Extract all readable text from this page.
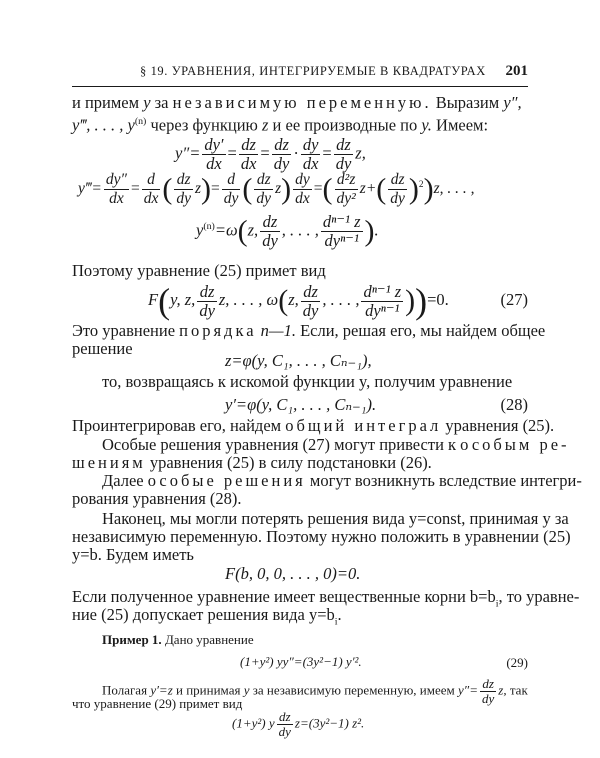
§ 19. УРАВНЕНИЯ, ИНТЕГРИРУЕМЫЕ В КВАДРАТУРАХ 201
и примем y за независимую переменную. Выразим y″,
y‴, . . . , $y^{(n)}$ через функцию z и ее производные по y. Имеем:
$y''= \frac{dy'}{dx} = \frac{dz}{dx} = \frac{dz}{dy} \cdot \frac{dy}{dx} = \frac{dz}{dy} z$,
y‴= $\frac{dy''}{dx} = \frac{d}{dx}$ ( $\frac{dz}{dy} z)= \frac{d}{dy}$ ( $\frac{dz}{dy} z) \frac{dy}{dx}$ =( $\frac{\text{d²z}}{\text{dy²}} z+( \frac{dz}{dy} )^2)z$, . . . ,
$y^{(n)}=\omega(z$, $\frac{dz}{dy}$ , . . . , $\frac{\text{dⁿ⁻¹ z}}{\text{dyⁿ⁻¹}}$ ).
Поэтому уравнение (25) примет вид
F(y, z, $\frac{dz}{dy} z$, . . . , ω(z, $\frac{dz}{dy}$ , . . . , $\frac{\text{dⁿ⁻¹ z}}{\text{dyⁿ⁻¹}} ))=0$.	(27)
Это уравнение порядка n—1. Если, решая его, мы найдем общее
решение
z=φ(y, C₁, . . . , Cₙ₋₁),
то, возвращаясь к искомой функции y, получим уравнение
y′=φ(y, C₁, . . . , Cₙ₋₁).	(28)
Проинтегрировав его, найдем общий интеграл уравнения (25).
Особые решения уравнения (27) могут привести к особым ре-
шениям уравнения (25) в силу подстановки (26).
Далее особые решения могут возникнуть вследствие интегри-
рования уравнения (28).
Наконец, мы могли потерять решения вида y=const, принимая y за
независимую переменную. Поэтому нужно положить в уравнении (25)
y=b. Будем иметь
F(b, 0, 0, . . . , 0)=0.
Если полученное уравнение имеет вещественные корни $b=b_i$, то уравне-
ние (25) допускает решения вида $y=b_i$.
Пример 1. Дано уравнение
(1+y²) yy″=(3y²−1) y′².	(29)
Полагая y′=z и принимая y за независимую переменную, имеем $y''= \frac{dz}{dy} z$, так
что уравнение (29) примет вид
(1+y²) y $\frac{dz}{dy} z=(3y^2-1)$ z².
